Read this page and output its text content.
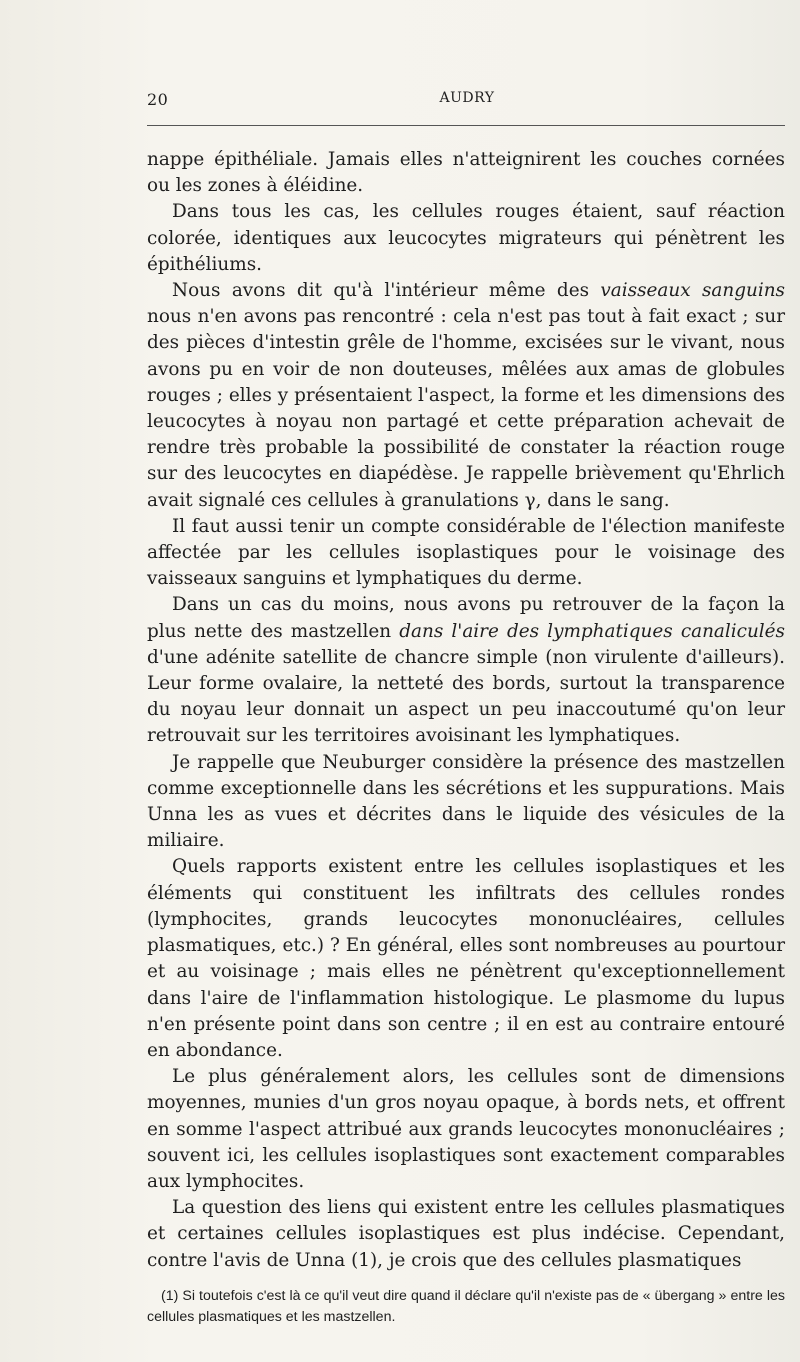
20	AUDRY

nappe épithéliale. Jamais elles n'atteignirent les couches cornées ou les zones à éléidine.

Dans tous les cas, les cellules rouges étaient, sauf réaction colorée, identiques aux leucocytes migrateurs qui pénètrent les épithéliums.

Nous avons dit qu'à l'intérieur même des vaisseaux sanguins nous n'en avons pas rencontré : cela n'est pas tout à fait exact ; sur des pièces d'intestin grêle de l'homme, excisées sur le vivant, nous avons pu en voir de non douteuses, mêlées aux amas de globules rouges ; elles y présentaient l'aspect, la forme et les dimensions des leucocytes à noyau non partagé et cette préparation achevait de rendre très probable la possibilité de constater la réaction rouge sur des leucocytes en diapédèse. Je rappelle brièvement qu'Ehrlich avait signalé ces cellules à granulations γ, dans le sang.

Il faut aussi tenir un compte considérable de l'élection manifeste affectée par les cellules isoplastiques pour le voisinage des vaisseaux sanguins et lymphatiques du derme.

Dans un cas du moins, nous avons pu retrouver de la façon la plus nette des mastzellen dans l'aire des lymphatiques canaliculés d'une adénite satellite de chancre simple (non virulente d'ailleurs). Leur forme ovalaire, la netteté des bords, surtout la transparence du noyau leur donnait un aspect un peu inaccoutumé qu'on leur retrouvait sur les territoires avoisinant les lymphatiques.

Je rappelle que Neuburger considère la présence des mastzellen comme exceptionnelle dans les sécrétions et les suppurations. Mais Unna les as vues et décrites dans le liquide des vésicules de la miliaire.

Quels rapports existent entre les cellules isoplastiques et les éléments qui constituent les infiltrats des cellules rondes (lymphocites, grands leucocytes mononucléaires, cellules plasmatiques, etc.) ? En général, elles sont nombreuses au pourtour et au voisinage ; mais elles ne pénètrent qu'exceptionnellement dans l'aire de l'inflammation histologique. Le plasmome du lupus n'en présente point dans son centre ; il en est au contraire entouré en abondance.

Le plus généralement alors, les cellules sont de dimensions moyennes, munies d'un gros noyau opaque, à bords nets, et offrent en somme l'aspect attribué aux grands leucocytes mononucléaires ; souvent ici, les cellules isoplastiques sont exactement comparables aux lymphocites.

La question des liens qui existent entre les cellules plasmatiques et certaines cellules isoplastiques est plus indécise. Cependant, contre l'avis de Unna (1), je crois que des cellules plasmatiques

(1) Si toutefois c'est là ce qu'il veut dire quand il déclare qu'il n'existe pas de « übergang » entre les cellules plasmatiques et les mastzellen.
